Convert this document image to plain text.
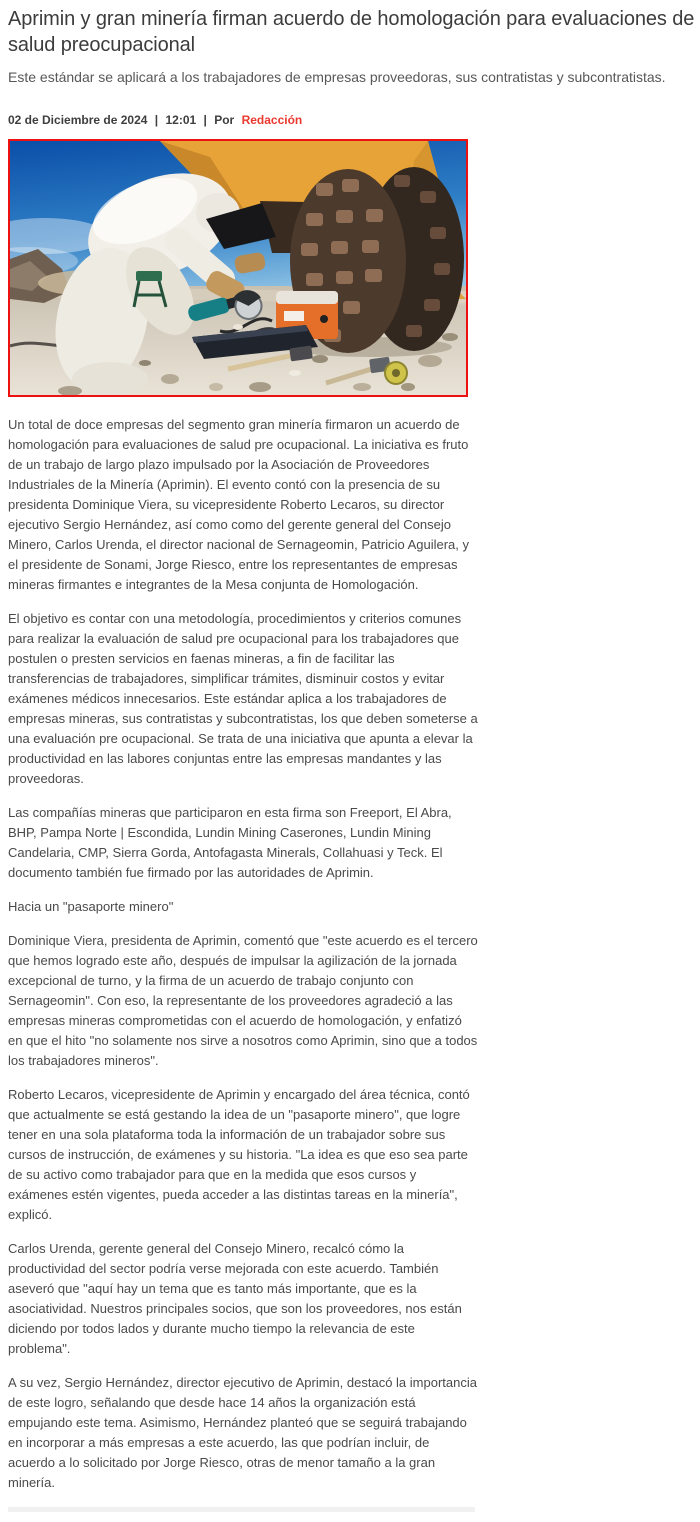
Aprimin y gran minería firman acuerdo de homologación para evaluaciones de salud preocupacional

Este estándar se aplicará a los trabajadores de empresas proveedoras, sus contratistas y subcontratistas.

02 de Diciembre de 2024 | 12:01 | Por Redacción

Un total de doce empresas del segmento gran minería firmaron un acuerdo de homologación para evaluaciones de salud pre ocupacional. La iniciativa es fruto de un trabajo de largo plazo impulsado por la Asociación de Proveedores Industriales de la Minería (Aprimin). El evento contó con la presencia de su presidenta Dominique Viera, su vicepresidente Roberto Lecaros, su director ejecutivo Sergio Hernández, así como como del gerente general del Consejo Minero, Carlos Urenda, el director nacional de Sernageomin, Patricio Aguilera, y el presidente de Sonami, Jorge Riesco, entre los representantes de empresas mineras firmantes e integrantes de la Mesa conjunta de Homologación.

El objetivo es contar con una metodología, procedimientos y criterios comunes para realizar la evaluación de salud pre ocupacional para los trabajadores que postulen o presten servicios en faenas mineras, a fin de facilitar las transferencias de trabajadores, simplificar trámites, disminuir costos y evitar exámenes médicos innecesarios. Este estándar aplica a los trabajadores de empresas mineras, sus contratistas y subcontratistas, los que deben someterse a una evaluación pre ocupacional. Se trata de una iniciativa que apunta a elevar la productividad en las labores conjuntas entre las empresas mandantes y las proveedoras.

Las compañías mineras que participaron en esta firma son Freeport, El Abra, BHP, Pampa Norte | Escondida, Lundin Mining Caserones, Lundin Mining Candelaria, CMP, Sierra Gorda, Antofagasta Minerals, Collahuasi y Teck. El documento también fue firmado por las autoridades de Aprimin.

Hacia un "pasaporte minero"

Dominique Viera, presidenta de Aprimin, comentó que "este acuerdo es el tercero que hemos logrado este año, después de impulsar la agilización de la jornada excepcional de turno, y la firma de un acuerdo de trabajo conjunto con Sernageomin". Con eso, la representante de los proveedores agradeció a las empresas mineras comprometidas con el acuerdo de homologación, y enfatizó en que el hito "no solamente nos sirve a nosotros como Aprimin, sino que a todos los trabajadores mineros".

Roberto Lecaros, vicepresidente de Aprimin y encargado del área técnica, contó que actualmente se está gestando la idea de un "pasaporte minero", que logre tener en una sola plataforma toda la información de un trabajador sobre sus cursos de instrucción, de exámenes y su historia. "La idea es que eso sea parte de su activo como trabajador para que en la medida que esos cursos y exámenes estén vigentes, pueda acceder a las distintas tareas en la minería", explicó.

Carlos Urenda, gerente general del Consejo Minero, recalcó cómo la productividad del sector podría verse mejorada con este acuerdo. También aseveró que "aquí hay un tema que es tanto más importante, que es la asociatividad. Nuestros principales socios, que son los proveedores, nos están diciendo por todos lados y durante mucho tiempo la relevancia de este problema".

A su vez, Sergio Hernández, director ejecutivo de Aprimin, destacó la importancia de este logro, señalando que desde hace 14 años la organización está empujando este tema. Asimismo, Hernández planteó que se seguirá trabajando en incorporar a más empresas a este acuerdo, las que podrían incluir, de acuerdo a lo solicitado por Jorge Riesco, otras de menor tamaño a la gran minería.
